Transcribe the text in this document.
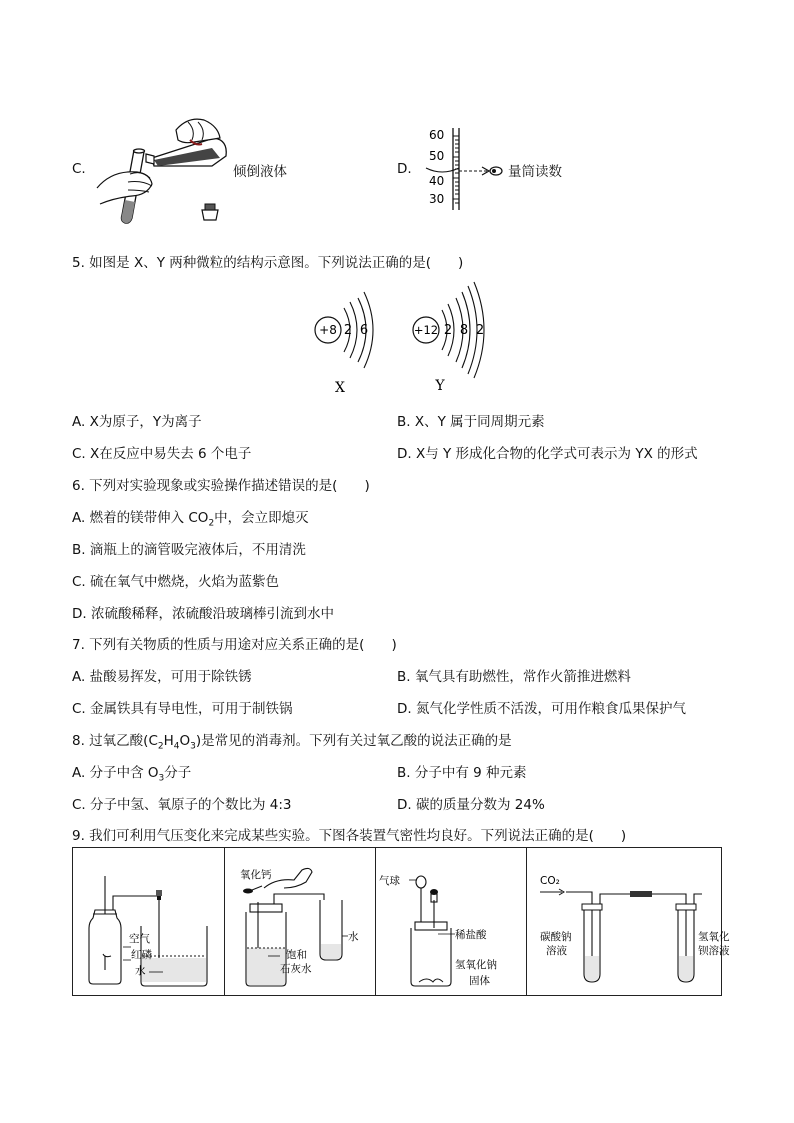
C.	倾倒液体	D.
60
50
40
30
量筒读数
5. 如图是 X、Y 两种微粒的结构示意图。下列说法正确的是(　　)
+8 2 6
X
+12 2 8 2
Y
A. X为原子，Y为离子	B. X、Y 属于同周期元素
C. X在反应中易失去 6 个电子	D. X与 Y 形成化合物的化学式可表示为 YX 的形式
6. 下列对实验现象或实验操作描述错误的是(　　)
A. 燃着的镁带伸入 $CO_2$中，会立即熄灭
B. 滴瓶上的滴管吸完液体后，不用清洗
C. 硫在氧气中燃烧，火焰为蓝紫色
D. 浓硫酸稀释，浓硫酸沿玻璃棒引流到水中
7. 下列有关物质的性质与用途对应关系正确的是(　　)
A. 盐酸易挥发，可用于除铁锈	B. 氧气具有助燃性，常作火箭推进燃料
C. 金属铁具有导电性，可用于制铁锅	D. 氮气化学性质不活泼，可用作粮食瓜果保护气
8. 过氧乙酸$(C_2H_4O_3)$是常见的消毒剂。下列有关过氧乙酸的说法正确的是
A. 分子中含 $O_3$分子	B. 分子中有 9 种元素
C. 分子中氢、氧原子的个数比为 4:3	D. 碳的质量分数为 24%
9. 我们可利用气压变化来完成某些实验。下图各装置气密性均良好。下列说法正确的是(　　)
空气
红磷
水
氧化钙
水
饱和
石灰水
气球
稀盐酸
氢氧化钠
固体
CO₂
碳酸钠
溶液
氢氧化
钡溶液
